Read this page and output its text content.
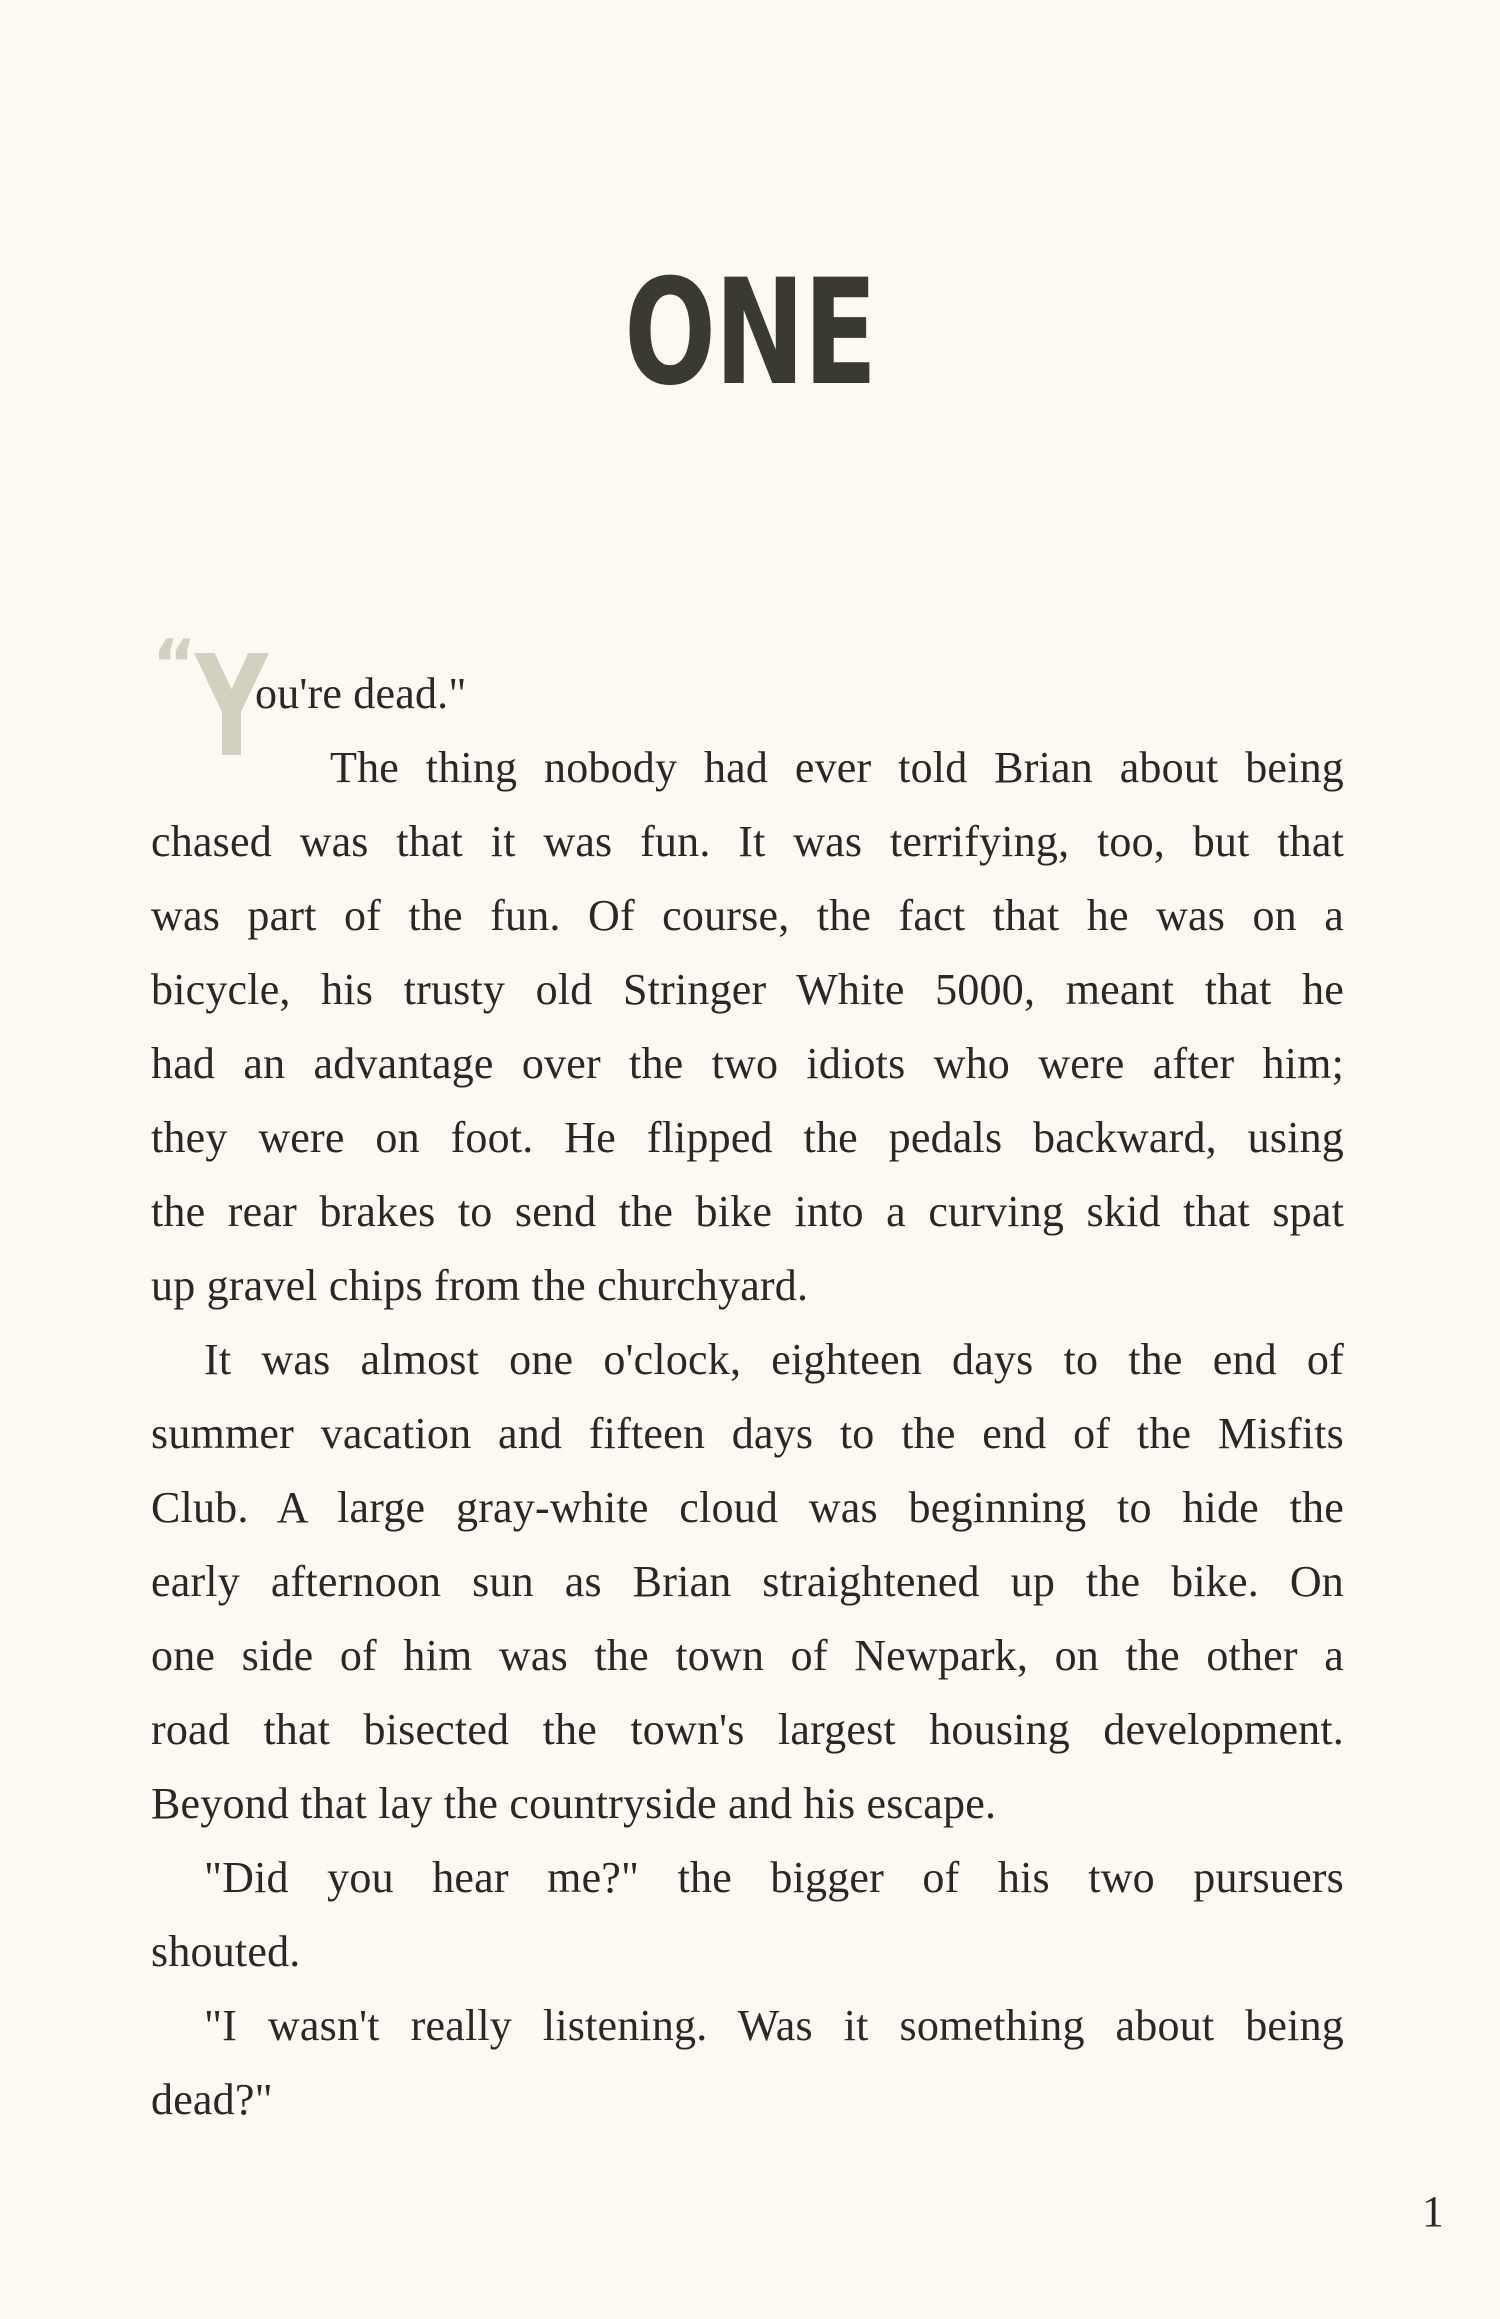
ONE
“
Y
ou're dead."
The thing nobody had ever told Brian about being
chased was that it was fun. It was terrifying, too, but that
was part of the fun. Of course, the fact that he was on a
bicycle, his trusty old Stringer White 5000, meant that he
had an advantage over the two idiots who were after him;
they were on foot. He flipped the pedals backward, using
the rear brakes to send the bike into a curving skid that spat
up gravel chips from the churchyard.
It was almost one o'clock, eighteen days to the end of
summer vacation and fifteen days to the end of the Misfits
Club. A large gray-white cloud was beginning to hide the
early afternoon sun as Brian straightened up the bike. On
one side of him was the town of Newpark, on the other a
road that bisected the town's largest housing development.
Beyond that lay the countryside and his escape.
"Did you hear me?" the bigger of his two pursuers
shouted.
"I wasn't really listening. Was it something about being
dead?"
1
